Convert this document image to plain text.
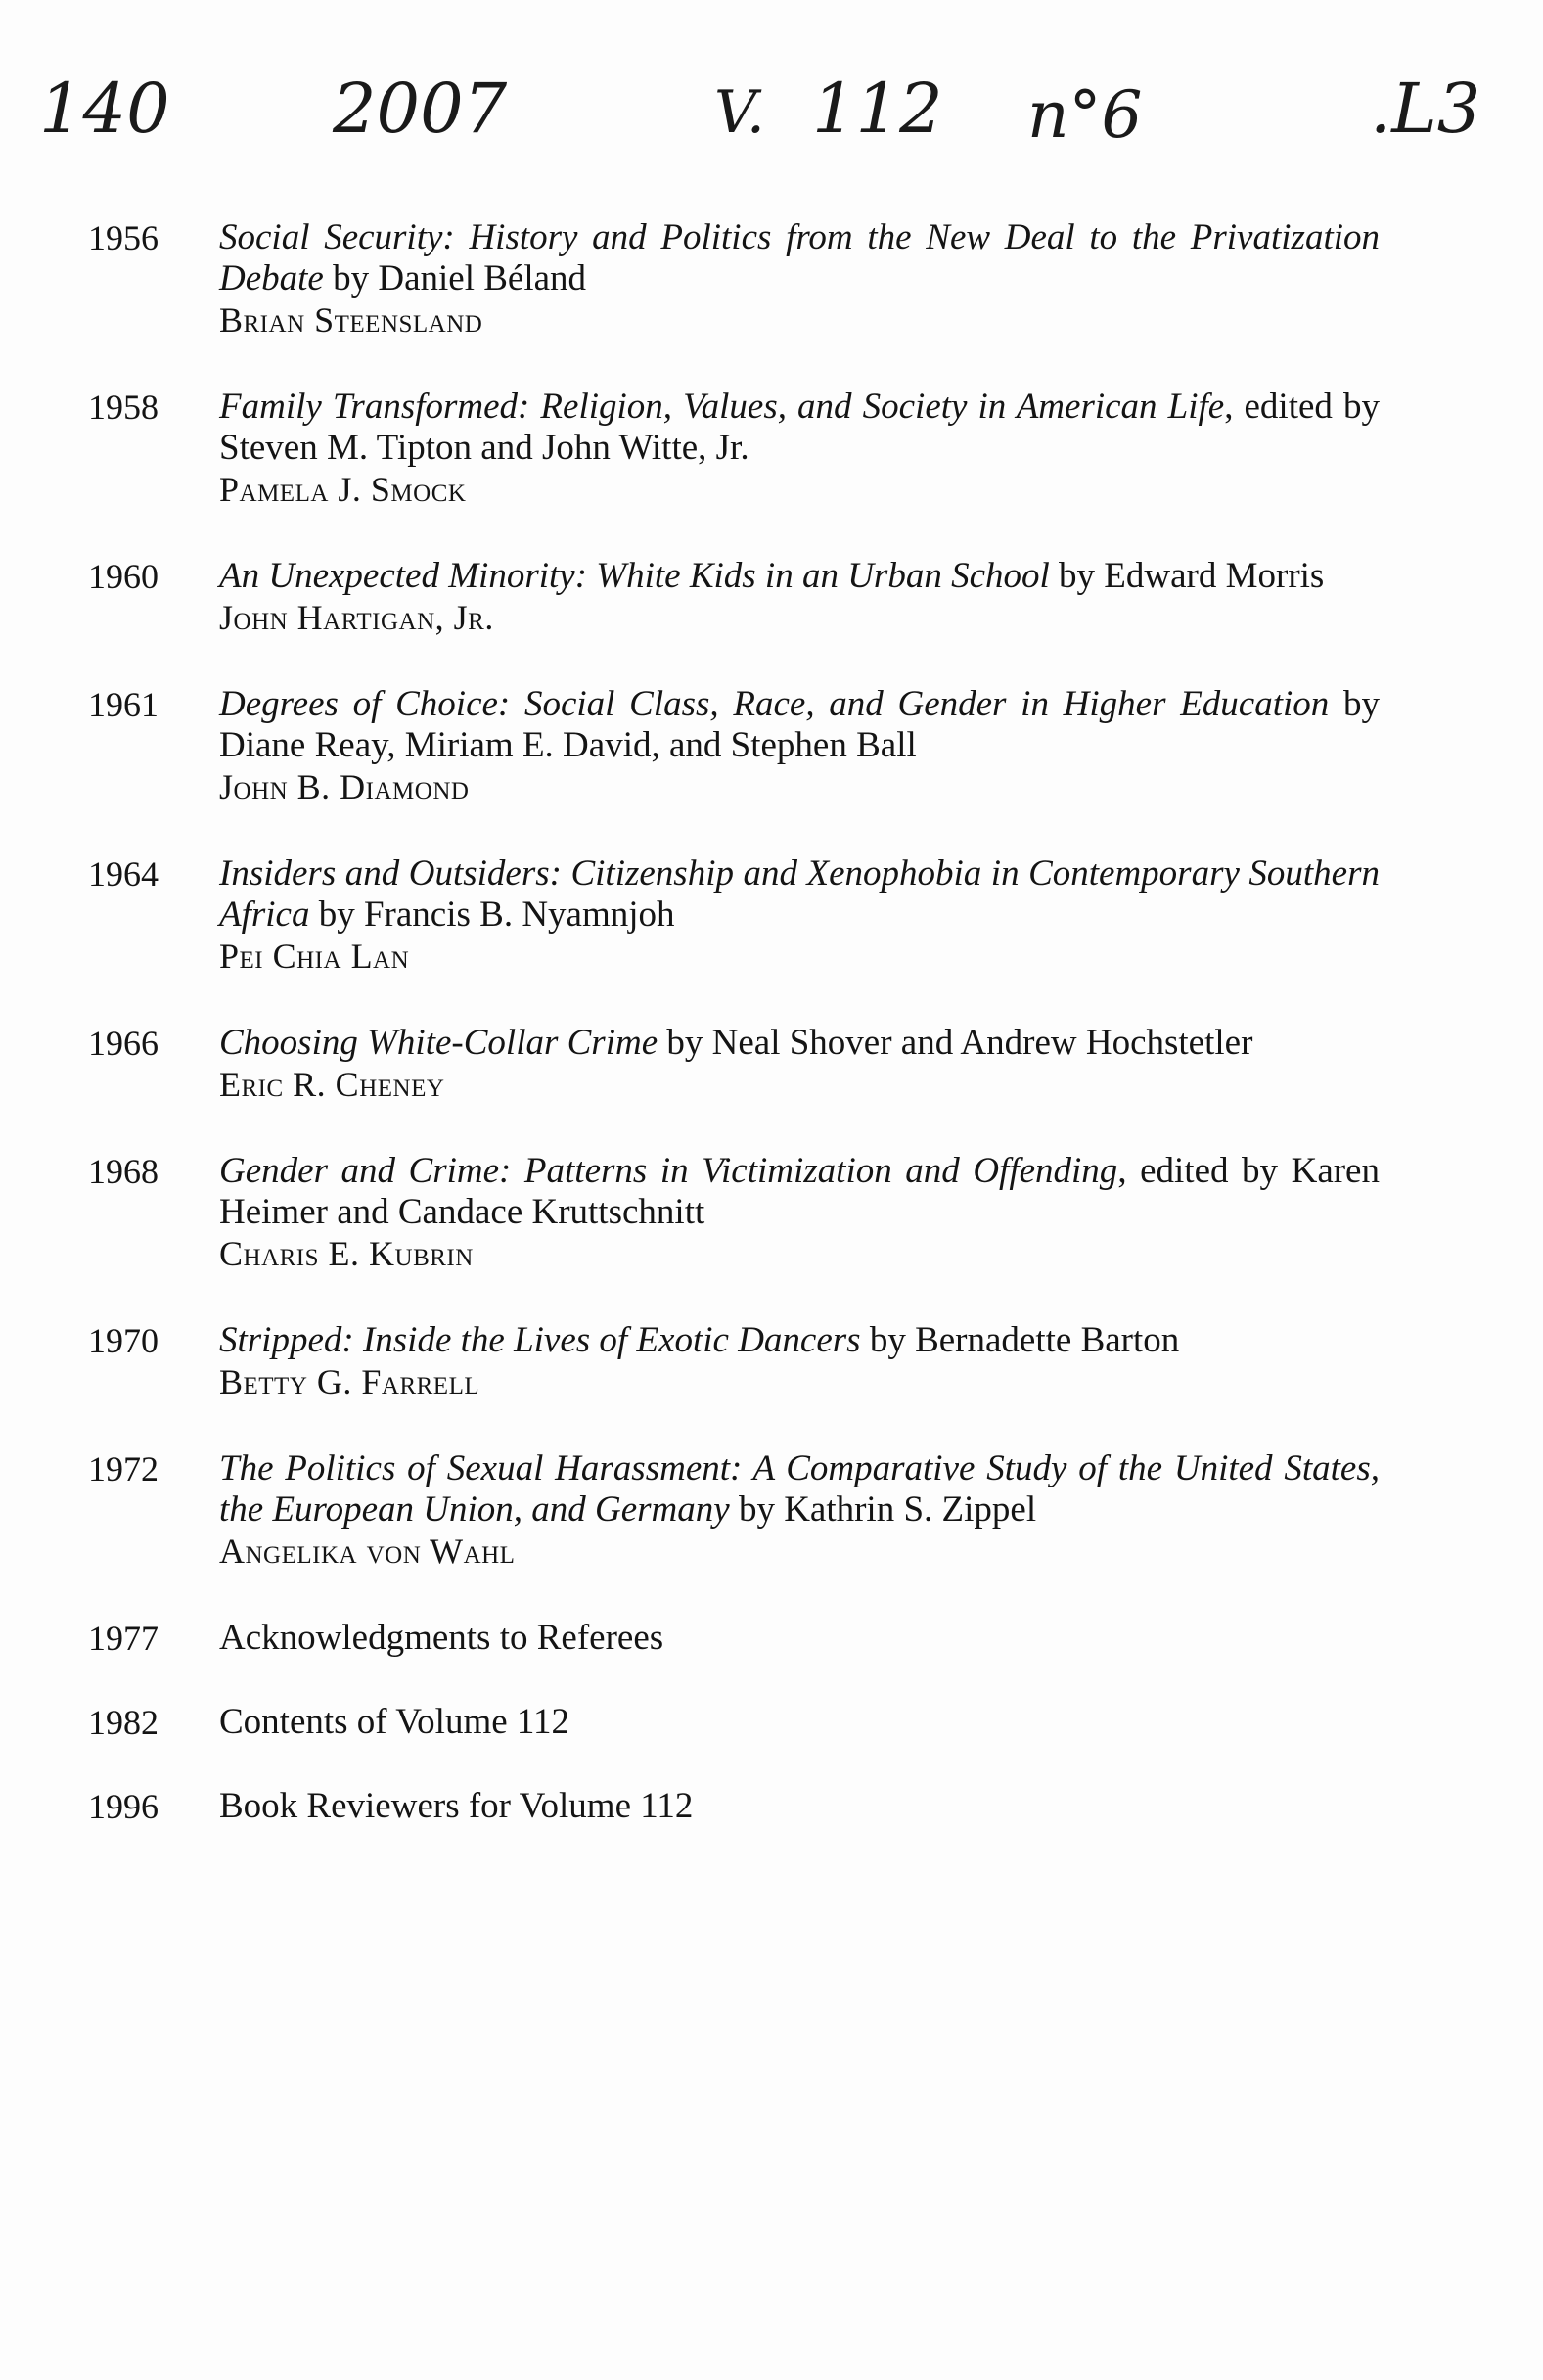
140 2007	V. 112 n°6	.L3
1956	Social Security: History and Politics from the New Deal to the Privatization Debate by Daniel Béland
Brian Steensland
1958	Family Transformed: Religion, Values, and Society in American Life, edited by Steven M. Tipton and John Witte, Jr.
Pamela J. Smock
1960	An Unexpected Minority: White Kids in an Urban School by Edward Morris
John Hartigan, Jr.
1961	Degrees of Choice: Social Class, Race, and Gender in Higher Education by Diane Reay, Miriam E. David, and Stephen Ball
John B. Diamond
1964	Insiders and Outsiders: Citizenship and Xenophobia in Contemporary Southern Africa by Francis B. Nyamnjoh
Pei Chia Lan
1966	Choosing White-Collar Crime by Neal Shover and Andrew Hochstetler
Eric R. Cheney
1968	Gender and Crime: Patterns in Victimization and Offending, edited by Karen Heimer and Candace Kruttschnitt
Charis E. Kubrin
1970	Stripped: Inside the Lives of Exotic Dancers by Bernadette Barton
Betty G. Farrell
1972	The Politics of Sexual Harassment: A Comparative Study of the United States, the European Union, and Germany by Kathrin S. Zippel
Angelika von Wahl
1977	Acknowledgments to Referees
1982	Contents of Volume 112
1996	Book Reviewers for Volume 112
